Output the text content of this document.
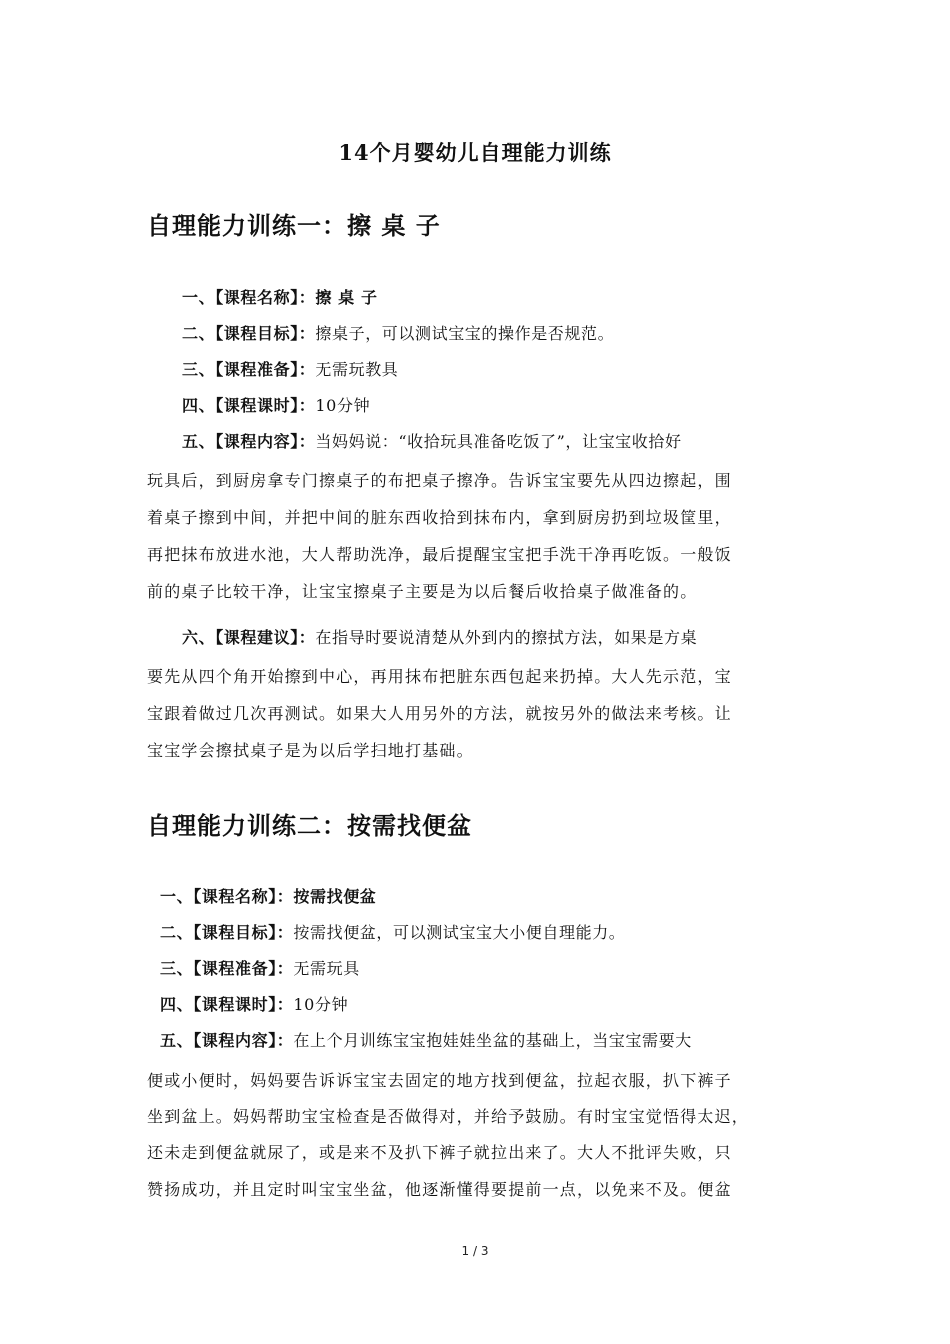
14个月婴幼儿自理能力训练
自理能力训练一：擦 桌 子
一、【课程名称】：擦 桌 子
二、【课程目标】：擦桌子，可以测试宝宝的操作是否规范。
三、【课程准备】：无需玩教具
四、【课程课时】：10分钟
五、【课程内容】：当妈妈说：“收拾玩具准备吃饭了”，让宝宝收拾好
玩具后，到厨房拿专门擦桌子的布把桌子擦净。告诉宝宝要先从四边擦起，围
着桌子擦到中间，并把中间的脏东西收拾到抹布内，拿到厨房扔到垃圾筐里，
再把抹布放进水池，大人帮助洗净，最后提醒宝宝把手洗干净再吃饭。一般饭
前的桌子比较干净，让宝宝擦桌子主要是为以后餐后收拾桌子做准备的。
六、【课程建议】：在指导时要说清楚从外到内的擦拭方法，如果是方桌
要先从四个角开始擦到中心，再用抹布把脏东西包起来扔掉。大人先示范，宝
宝跟着做过几次再测试。如果大人用另外的方法，就按另外的做法来考核。让
宝宝学会擦拭桌子是为以后学扫地打基础。
自理能力训练二：按需找便盆
一、【课程名称】：按需找便盆
二、【课程目标】：按需找便盆，可以测试宝宝大小便自理能力。
三、【课程准备】：无需玩具
四、【课程课时】：10分钟
五、【课程内容】：在上个月训练宝宝抱娃娃坐盆的基础上，当宝宝需要大
便或小便时，妈妈要告诉诉宝宝去固定的地方找到便盆，拉起衣服，扒下裤子
坐到盆上。妈妈帮助宝宝检查是否做得对，并给予鼓励。有时宝宝觉悟得太迟，
还未走到便盆就尿了，或是来不及扒下裤子就拉出来了。大人不批评失败，只
赞扬成功，并且定时叫宝宝坐盆，他逐渐懂得要提前一点，以免来不及。便盆
1 / 3
